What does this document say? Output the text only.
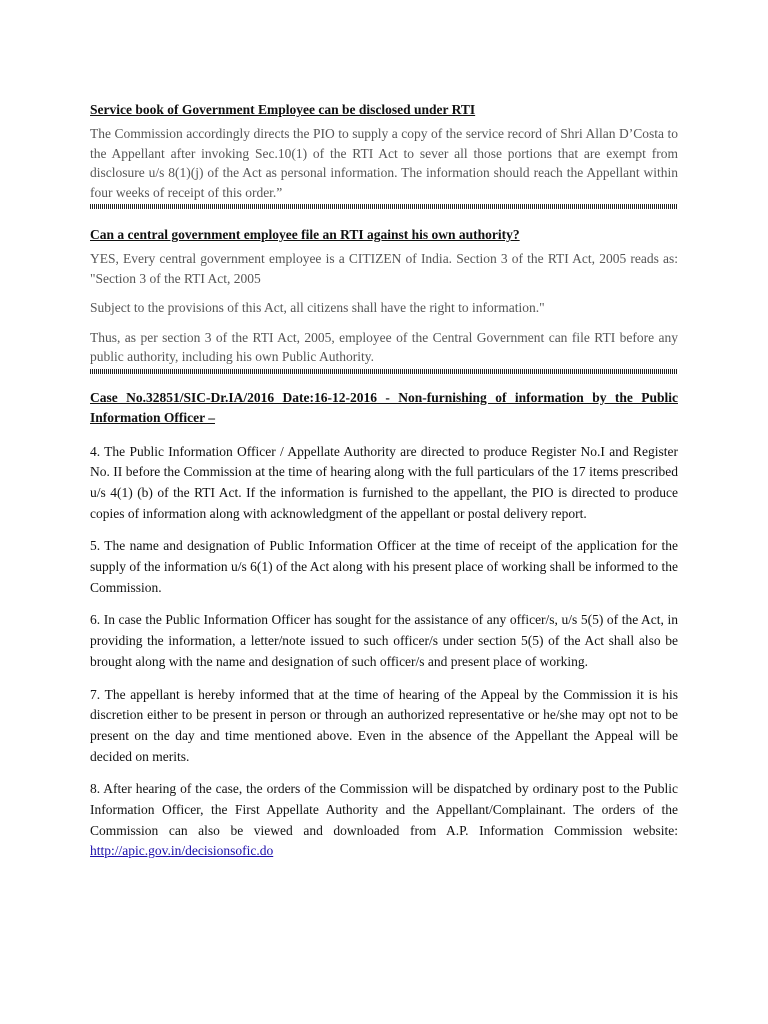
Service book of Government Employee can be disclosed under RTI

The Commission accordingly directs the PIO to supply a copy of the service record of Shri Allan D’Costa to the Appellant after invoking Sec.10(1) of the RTI Act to sever all those portions that are exempt from disclosure u/s 8(1)(j) of the Act as personal information. The information should reach the Appellant within four weeks of receipt of this order.”

Can a central government employee file an RTI against his own authority?

YES, Every central government employee is a CITIZEN of India. Section 3 of the RTI Act, 2005 reads as: "Section 3 of the RTI Act, 2005

Subject to the provisions of this Act, all citizens shall have the right to information."

Thus, as per section 3 of the RTI Act, 2005, employee of the Central Government can file RTI before any public authority, including his own Public Authority.

Case No.32851/SIC-Dr.IA/2016 Date:16-12-2016 - Non-furnishing of information by the Public Information Officer –

4. The Public Information Officer / Appellate Authority are directed to produce Register No.I and Register No. II before the Commission at the time of hearing along with the full particulars of the 17 items prescribed u/s 4(1) (b) of the RTI Act. If the information is furnished to the appellant, the PIO is directed to produce copies of information along with acknowledgment of the appellant or postal delivery report.

5. The name and designation of Public Information Officer at the time of receipt of the application for the supply of the information u/s 6(1) of the Act along with his present place of working shall be informed to the Commission.

6. In case the Public Information Officer has sought for the assistance of any officer/s, u/s 5(5) of the Act, in providing the information, a letter/note issued to such officer/s under section 5(5) of the Act shall also be brought along with the name and designation of such officer/s and present place of working.

7. The appellant is hereby informed that at the time of hearing of the Appeal by the Commission it is his discretion either to be present in person or through an authorized representative or he/she may opt not to be present on the day and time mentioned above. Even in the absence of the Appellant the Appeal will be decided on merits.

8. After hearing of the case, the orders of the Commission will be dispatched by ordinary post to the Public Information Officer, the First Appellate Authority and the Appellant/Complainant. The orders of the Commission can also be viewed and downloaded from A.P. Information Commission website: http://apic.gov.in/decisionsofic.do
